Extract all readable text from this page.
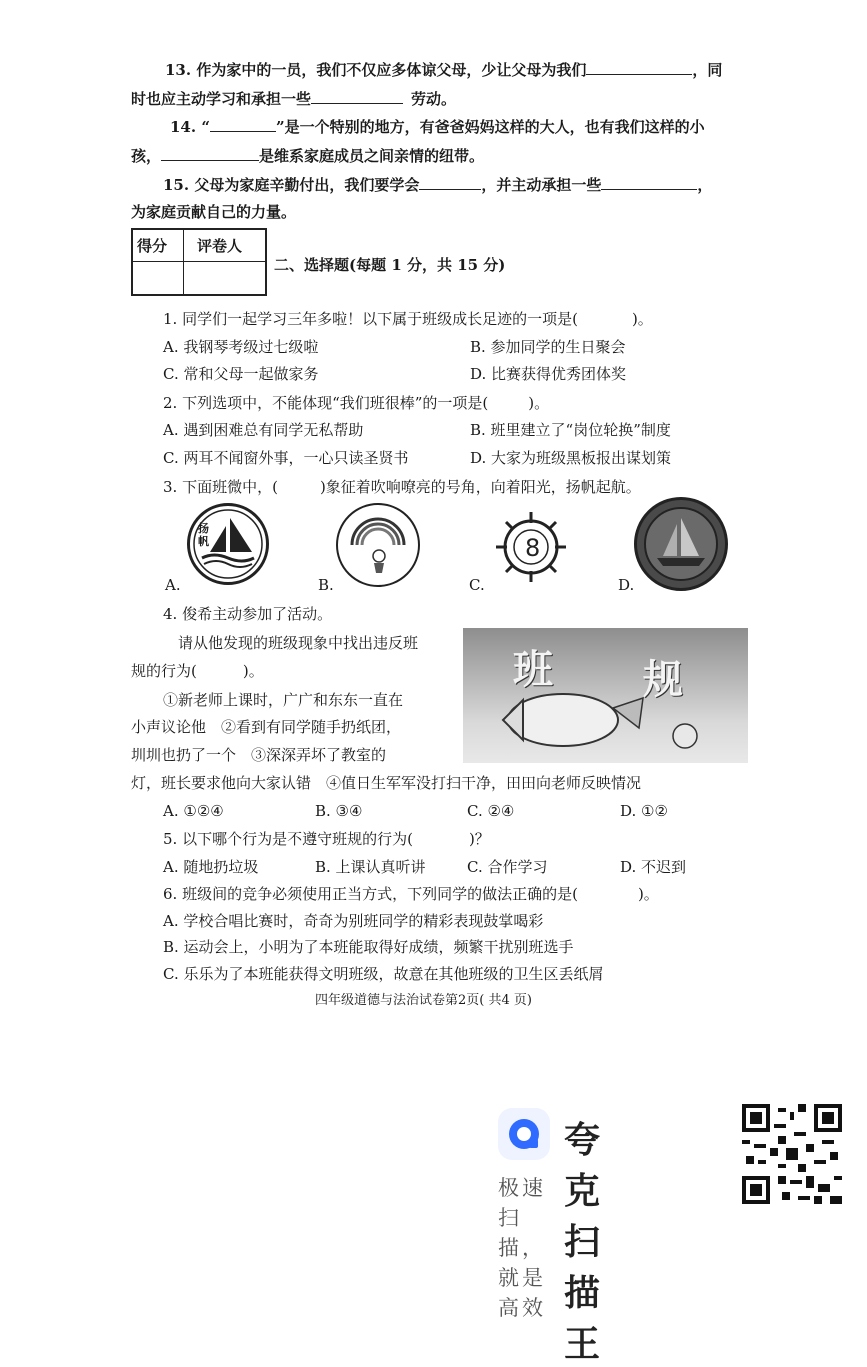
13. 作为家中的一员，我们不仅应多体谅父母，少让父母为我们	，同
时也应主动学习和承担一些	劳动。
14. “	”是一个特别的地方，有爸爸妈妈这样的大人，也有我们这样的小
孩，	是维系家庭成员之间亲情的纽带。
15. 父母为家庭辛勤付出，我们要学会	，并主动承担一些	，
为家庭贡献自己的力量。
得分 评卷人
二、选择题(每题 1 分，共 15 分)
1. 同学们一起学习三年多啦！以下属于班级成长足迹的一项是(	)。
A. 我钢琴考级过七级啦	B. 参加同学的生日聚会
C. 常和父母一起做家务	D. 比赛获得优秀团体奖
2. 下列选项中，不能体现“我们班很棒”的一项是(	)。
A. 遇到困难总有同学无私帮助	B. 班里建立了“岗位轮换”制度
C. 两耳不闻窗外事，一心只读圣贤书	D. 大家为班级黑板报出谋划策
3. 下面班微中，(	)象征着吹响嘹亮的号角，向着阳光，扬帆起航。
扬帆	8
A.	B.	C.	D.
4. 俊希主动参加了活动。
请从他发现的班级现象中找出违反班
规的行为(	)。
①新老师上课时，广广和东东一直在
小声议论他　②看到有同学随手扔纸团，
圳圳也扔了一个　③深深弄坏了教室的
灯，班长要求他向大家认错　④值日生军军没打扫干净，田田向老师反映情况
班 规
A. ①②④	B. ③④	C. ②④	D. ①②
5. 以下哪个行为是不遵守班规的行为(	)？
A. 随地扔垃圾	B. 上课认真听讲	C. 合作学习	D. 不迟到
6. 班级间的竞争必须使用正当方式，下列同学的做法正确的是(	)。
A. 学校合唱比赛时，奇奇为别班同学的精彩表现鼓掌喝彩
B. 运动会上，小明为了本班能取得好成绩，频繁干扰别班选手
C. 乐乐为了本班能获得文明班级，故意在其他班级的卫生区丢纸屑
四年级道德与法治试卷第2页( 共4 页)
夸克扫描王
极速扫描，就是高效
